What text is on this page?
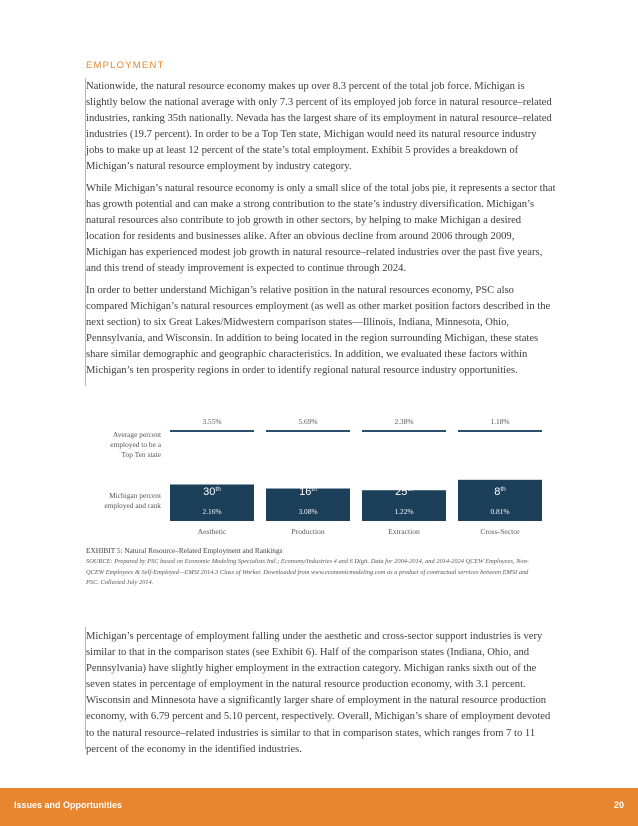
EMPLOYMENT

Nationwide, the natural resource economy makes up over 8.3 percent of the total job force. Michigan is slightly below the national average with only 7.3 percent of its employed job force in natural resource–related industries, ranking 35th nationally. Nevada has the largest share of its employment in natural resource–related industries (19.7 percent). In order to be a Top Ten state, Michigan would need its natural resource industry jobs to make up at least 12 percent of the state’s total employment. Exhibit 5 provides a breakdown of Michigan’s natural resource employment by industry category.

While Michigan’s natural resource economy is only a small slice of the total jobs pie, it represents a sector that has growth potential and can make a strong contribution to the state’s industry diversification. Michigan’s natural resources also contribute to job growth in other sectors, by helping to make Michigan a desired location for residents and businesses alike. After an obvious decline from around 2006 through 2009, Michigan has experienced modest job growth in natural resource–related industries over the past five years, and this trend of steady improvement is expected to continue through 2024.

In order to better understand Michigan’s relative position in the natural resources economy, PSC also compared Michigan’s natural resources employment (as well as other market position factors described in the next section) to six Great Lakes/Midwestern comparison states—Illinois, Indiana, Minnesota, Ohio, Pennsylvania, and Wisconsin. In addition to being located in the region surrounding Michigan, these states share similar demographic and geographic characteristics. In addition, we evaluated these factors within Michigan’s ten prosperity regions in order to identify regional natural resource industry opportunities.

Average percent
employed to be a
Top Ten state
Michigan percent
employed and rank
3.55%
30th
2.16%
Aesthetic
5.69%
16th
3.08%
Production
2.38%
25th
1.22%
Extraction
1.18%
8th
0.81%
Cross-Sector
EXHIBIT 5: Natural Resource–Related Employment and Rankings
SOURCE: Prepared by PSC based on Economic Modeling Specialists Intl.; Economy/Industries 4 and 6 Digit. Data for 2004-2014, and 2014-2024 QCEW Employees, Non-QCEW Employees & Self-Employed—EMSI 2014.3 Class of Worker. Downloaded from www.economicmodeling.com as a product of contractual services between EMSI and PSC. Collected July 2014.

Michigan’s percentage of employment falling under the aesthetic and cross-sector support industries is very similar to that in the comparison states (see Exhibit 6). Half of the comparison states (Indiana, Ohio, and Pennsylvania) have slightly higher employment in the extraction category. Michigan ranks sixth out of the seven states in percentage of employment in the natural resource production economy, with 3.1 percent. Wisconsin and Minnesota have a significantly larger share of employment in the natural resource production economy, with 6.79 percent and 5.10 percent, respectively. Overall, Michigan’s share of employment devoted to the natural resource–related industries is similar to that in comparison states, which ranges from 7 to 11 percent of the economy in the identified industries.

Issues and Opportunities	20
